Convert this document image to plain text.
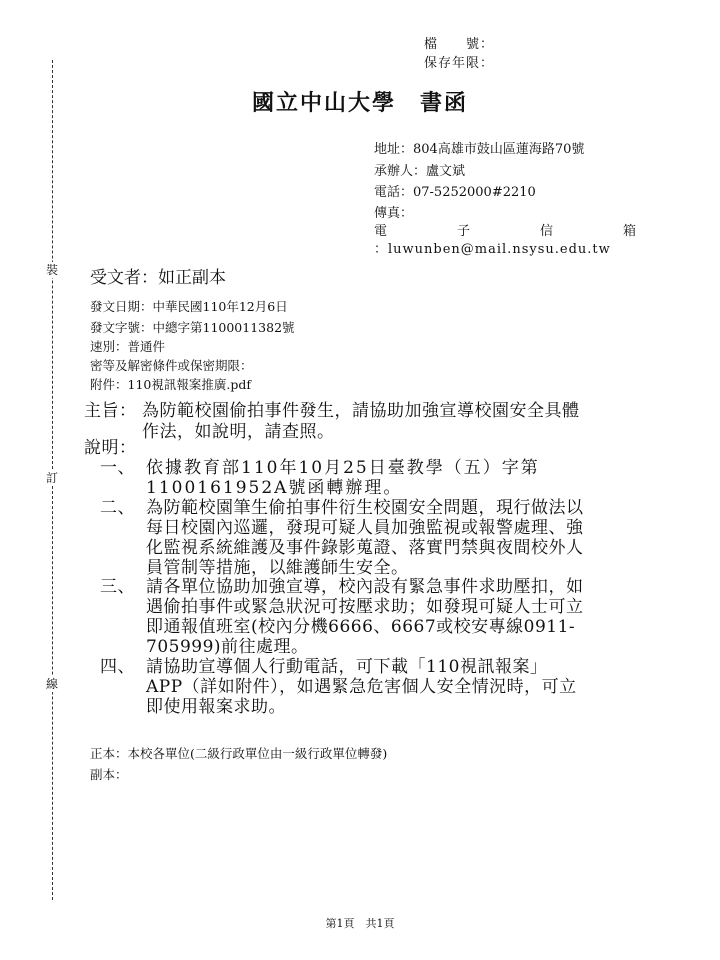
檔　　號：
保存年限：
國立中山大學　書函
地址：804高雄市鼓山區蓮海路70號
承辦人：盧文斌
電話：07-5252000#2210
傳真：
電	子	信	箱
：luwunben@mail.nsysu.edu.tw
裝
訂
線
受文者：如正副本
發文日期：中華民國110年12月6日
發文字號：中總字第1100011382號
速別：普通件
密等及解密條件或保密期限：
附件：110視訊報案推廣.pdf
主旨： 為防範校園偷拍事件發生，請協助加強宣導校園安全具體
作法，如說明，請查照。
說明：
一、 依據教育部110年10月25日臺教學（五）字第
1100161952A號函轉辦理。
二、 為防範校園筆生偷拍事件衍生校園安全問題，現行做法以
每日校園內巡邏，發現可疑人員加強監視或報警處理、強
化監視系統維護及事件錄影蒐證、落實門禁與夜間校外人
員管制等措施，以維護師生安全。
三、 請各單位協助加強宣導，校內設有緊急事件求助壓扣，如
遇偷拍事件或緊急狀況可按壓求助；如發現可疑人士可立
即通報值班室(校內分機6666、6667或校安專線0911-
705999)前往處理。
四、 請協助宣導個人行動電話，可下載「110視訊報案」
APP（詳如附件），如遇緊急危害個人安全情況時，可立
即使用報案求助。
正本：本校各單位(二級行政單位由一級行政單位轉發)
副本：
第1頁　共1頁
